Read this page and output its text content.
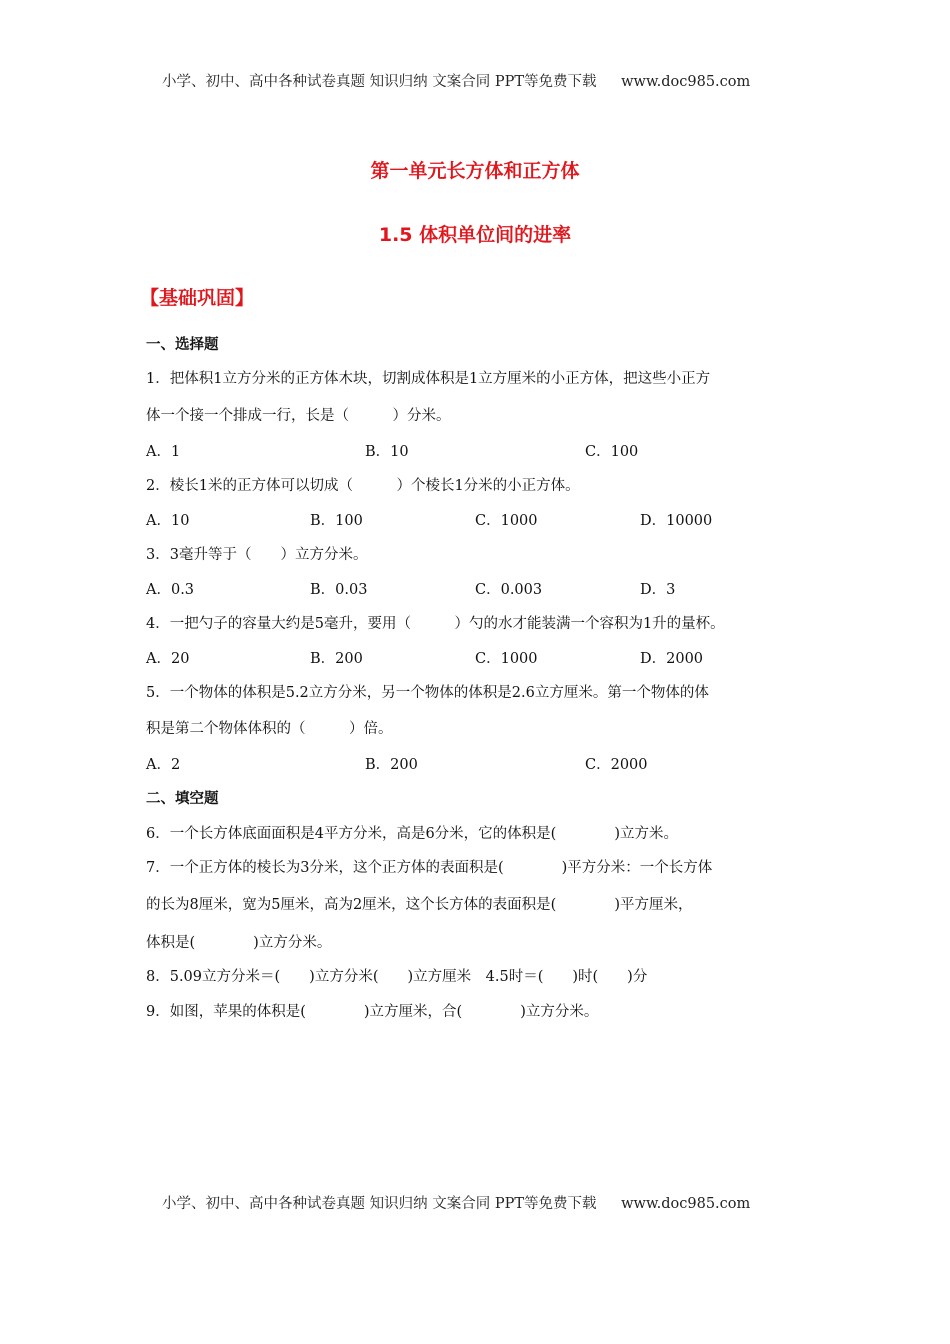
小学、初中、高中各种试卷真题 知识归纳 文案合同 PPT等免费下载 www.doc985.com
第一单元长方体和正方体
1.5 体积单位间的进率
【基础巩固】
一、选择题
1．把体积1立方分米的正方体木块，切割成体积是1立方厘米的小正方体，把这些小正方
体一个接一个排成一行，长是（　　　）分米。
A．1	B．10	C．100
2．棱长1米的正方体可以切成（　　　）个棱长1分米的小正方体。
A．10	B．100	C．1000	D．10000
3．3毫升等于（　　）立方分米。
A．0.3	B．0.03	C．0.003	D．3
4．一把勺子的容量大约是5毫升，要用（　　　）勺的水才能装满一个容积为1升的量杯。
A．20	B．200	C．1000	D．2000
5．一个物体的体积是5.2立方分米，另一个物体的体积是2.6立方厘米。第一个物体的体
积是第二个物体体积的（　　　）倍。
A．2	B．200	C．2000
二、填空题
6．一个长方体底面面积是4平方分米，高是6分米，它的体积是(　　　　)立方米。
7．一个正方体的棱长为3分米，这个正方体的表面积是(　　　　)平方分米：一个长方体
的长为8厘米，宽为5厘米，高为2厘米，这个长方体的表面积是(　　　　)平方厘米，
体积是(　　　　)立方分米。
8．5.09立方分米＝(　　)立方分米(　　)立方厘米　4.5时＝(　　)时(　　)分
9．如图，苹果的体积是(　　　　)立方厘米，合(　　　　)立方分米。
小学、初中、高中各种试卷真题 知识归纳 文案合同 PPT等免费下载 www.doc985.com
